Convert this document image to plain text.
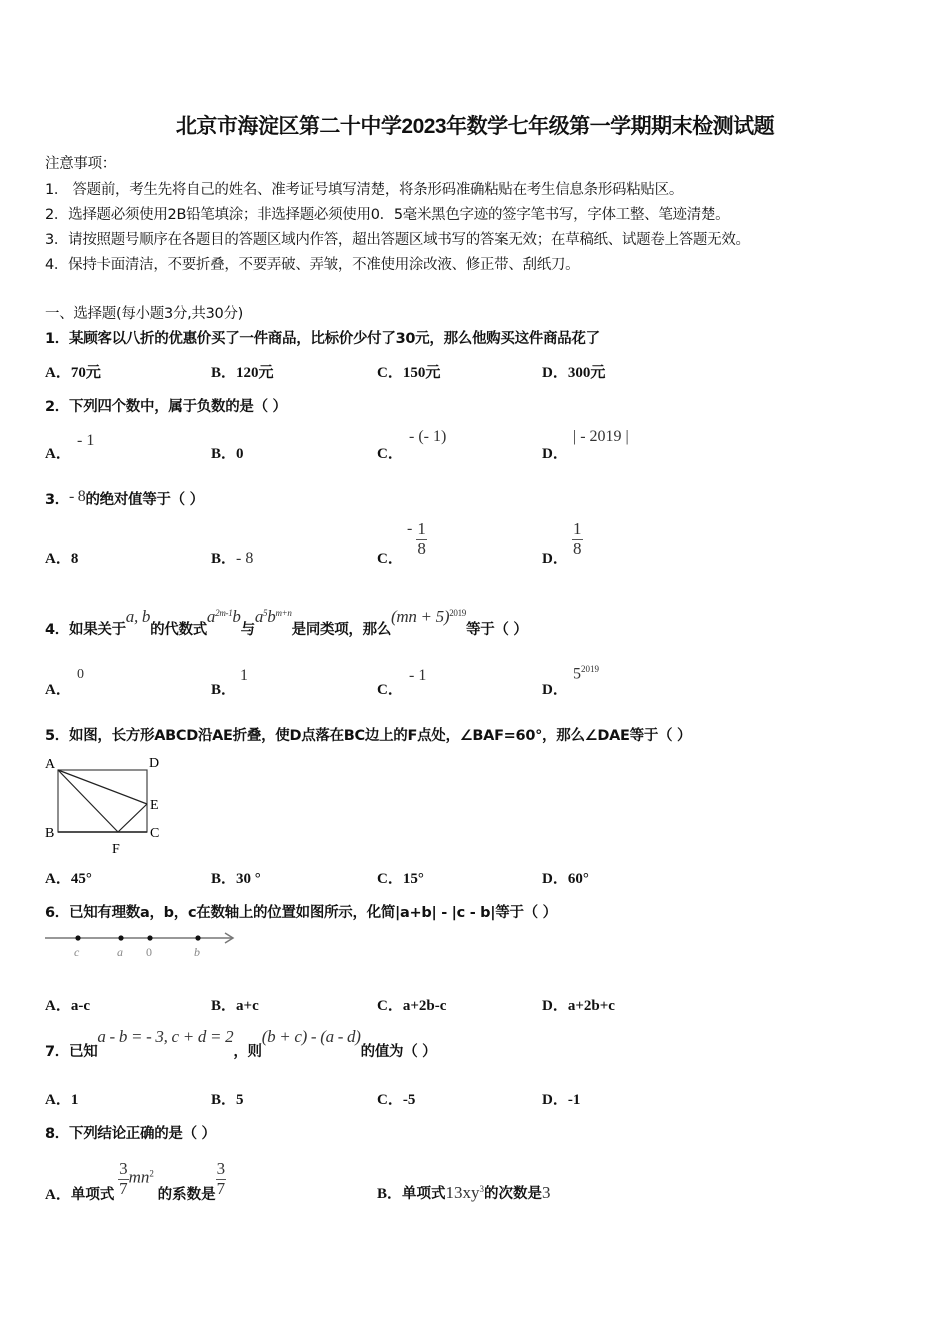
北京市海淀区第二十中学2023年数学七年级第一学期期末检测试题
注意事项：
1． 答题前，考生先将自己的姓名、准考证号填写清楚，将条形码准确粘贴在考生信息条形码粘贴区。
2．选择题必须使用2B铅笔填涂；非选择题必须使用0．5毫米黑色字迹的签字笔书写，字体工整、笔迹清楚。
3．请按照题号顺序在各题目的答题区域内作答，超出答题区域书写的答案无效；在草稿纸、试题卷上答题无效。
4．保持卡面清洁，不要折叠，不要弄破、弄皱，不准使用涂改液、修正带、刮纸刀。
一、选择题(每小题3分,共30分)
1．某顾客以八折的优惠价买了一件商品，比标价少付了30元，那么他购买这件商品花了
A．70元	B．120元	C．150元	D．300元
2．下列四个数中，属于负数的是（ ）
A．
- 1
B．0	C．
- (- 1)
D．
| - 2019 |
3．- 8的绝对值等于（ ）
A．8	B．- 8	C．
- $\frac{1}{8}$
D．
$\frac{1}{8}$
4．如果关于a, b的代数式$a^{2m-1}b$与$a^5b^{m+n}$是同类项，那么(mn + 5)$^{2019}$等于（ ）
A．
0
B．
1
C．
- 1
D．
$5^{2019}$
5．如图，长方形ABCD沿AE折叠，使D点落在BC边上的F点处，∠BAF=60°，那么∠DAE等于（ ）
A	D
E
B	C
F
A．45°	B．30 °	C．15°	D．60°
6．已知有理数a，b，c在数轴上的位置如图所示，化简|a+b| - |c - b|等于（ ）
c	a 0	b
A．a-c	B．a+c	C．a+2b-c	D．a+2b+c
7．已知a - b = - 3, c + d = 2，则(b + c) - (a - d)的值为（ ）
A．1	B．5	C．-5	D．-1
8．下列结论正确的是（ ）
A．单项式 $\frac{3}{7} mn^2$ 的系数是 $\frac{3}{7}$	B．单项式$13xy^3$的次数是3
